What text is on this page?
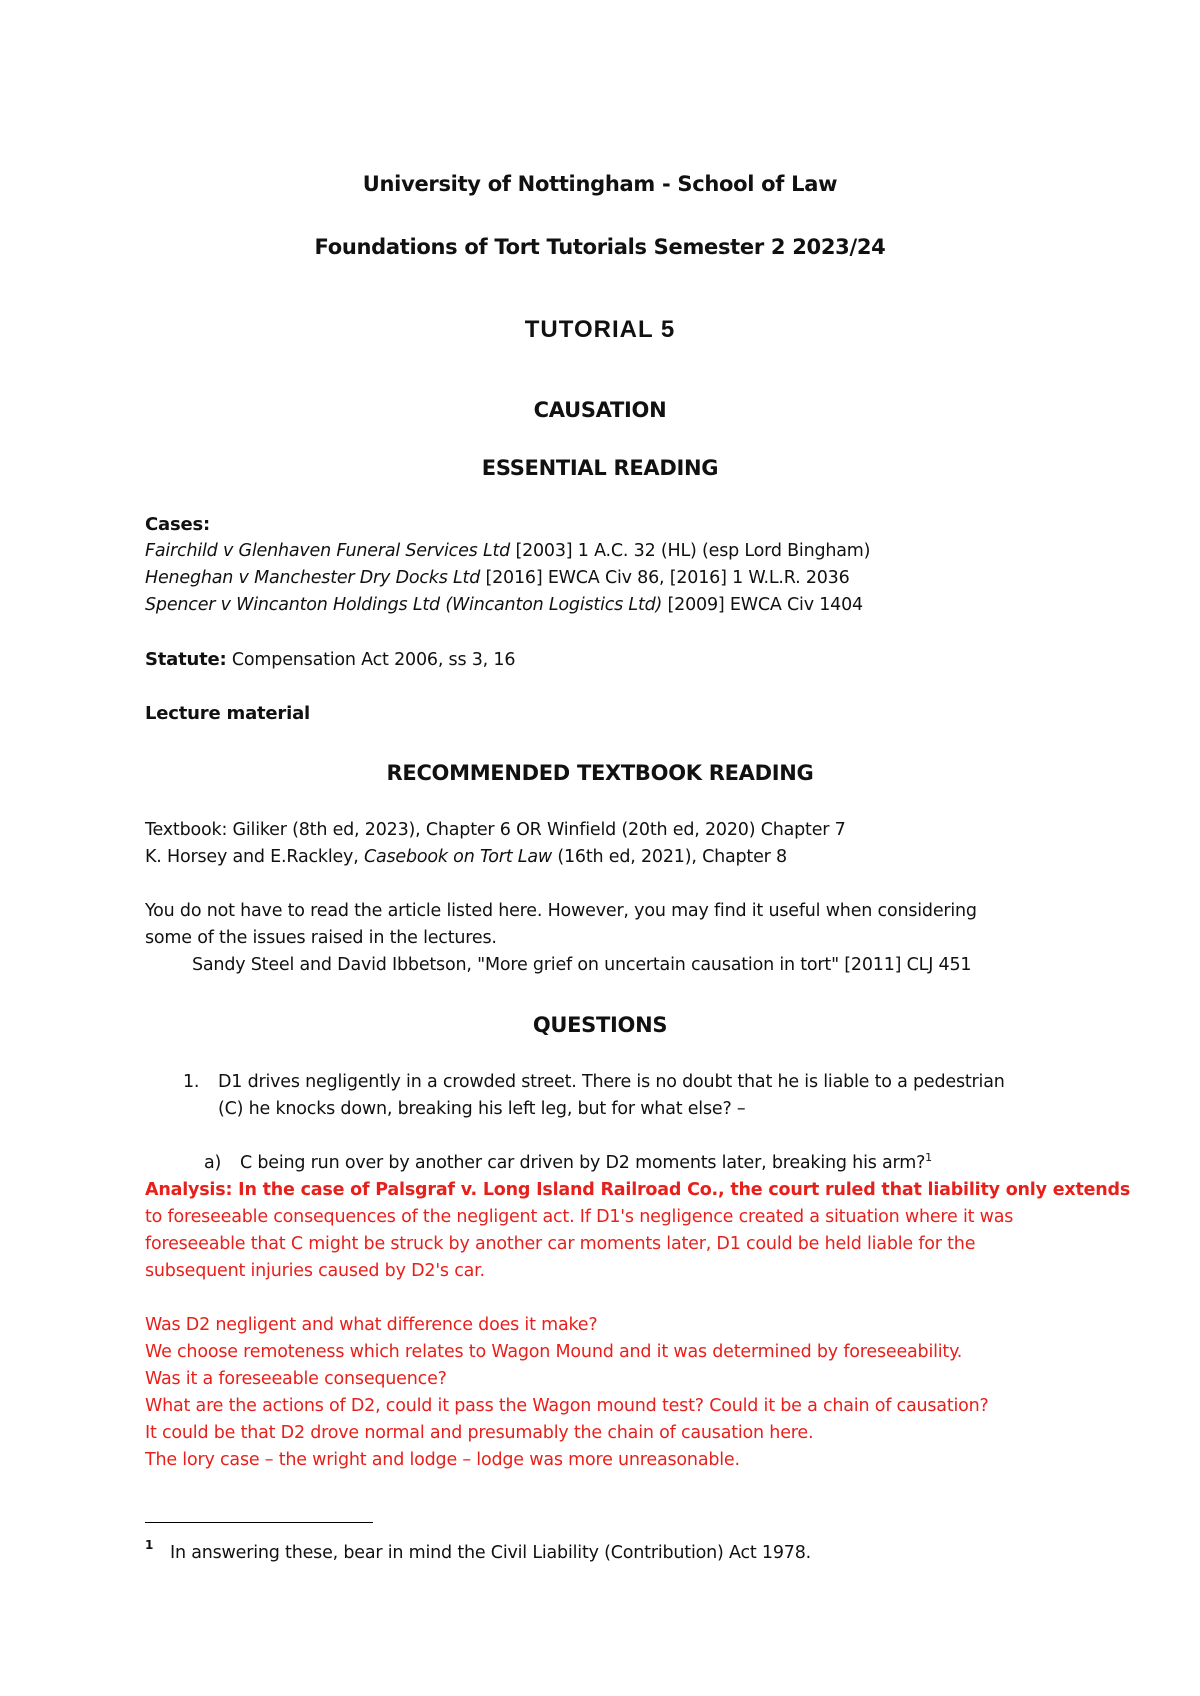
University of Nottingham - School of Law
Foundations of Tort Tutorials Semester 2 2023/24
TUTORIAL 5
CAUSATION
ESSENTIAL READING
Cases:
Fairchild v Glenhaven Funeral Services Ltd [2003] 1 A.C. 32 (HL) (esp Lord Bingham)
Heneghan v Manchester Dry Docks Ltd [2016] EWCA Civ 86, [2016] 1 W.L.R. 2036
Spencer v Wincanton Holdings Ltd (Wincanton Logistics Ltd) [2009] EWCA Civ 1404
Statute: Compensation Act 2006, ss 3, 16
Lecture material
RECOMMENDED TEXTBOOK READING
Textbook: Giliker (8th ed, 2023), Chapter 6 OR Winfield (20th ed, 2020) Chapter 7
K. Horsey and E.Rackley, Casebook on Tort Law (16th ed, 2021), Chapter 8
You do not have to read the article listed here. However, you may find it useful when considering
some of the issues raised in the lectures.
Sandy Steel and David Ibbetson, "More grief on uncertain causation in tort" [2011] CLJ 451
QUESTIONS
1. D1 drives negligently in a crowded street. There is no doubt that he is liable to a pedestrian
(C) he knocks down, breaking his left leg, but for what else? –
a) C being run over by another car driven by D2 moments later, breaking his arm?$^1$
Analysis: In the case of Palsgraf v. Long Island Railroad Co., the court ruled that liability only extends
to foreseeable consequences of the negligent act. If D1's negligence created a situation where it was
foreseeable that C might be struck by another car moments later, D1 could be held liable for the
subsequent injuries caused by D2's car.
Was D2 negligent and what difference does it make?
We choose remoteness which relates to Wagon Mound and it was determined by foreseeability.
Was it a foreseeable consequence?
What are the actions of D2, could it pass the Wagon mound test? Could it be a chain of causation?
It could be that D2 drove normal and presumably the chain of causation here.
The lory case – the wright and lodge – lodge was more unreasonable.
1 In answering these, bear in mind the Civil Liability (Contribution) Act 1978.
